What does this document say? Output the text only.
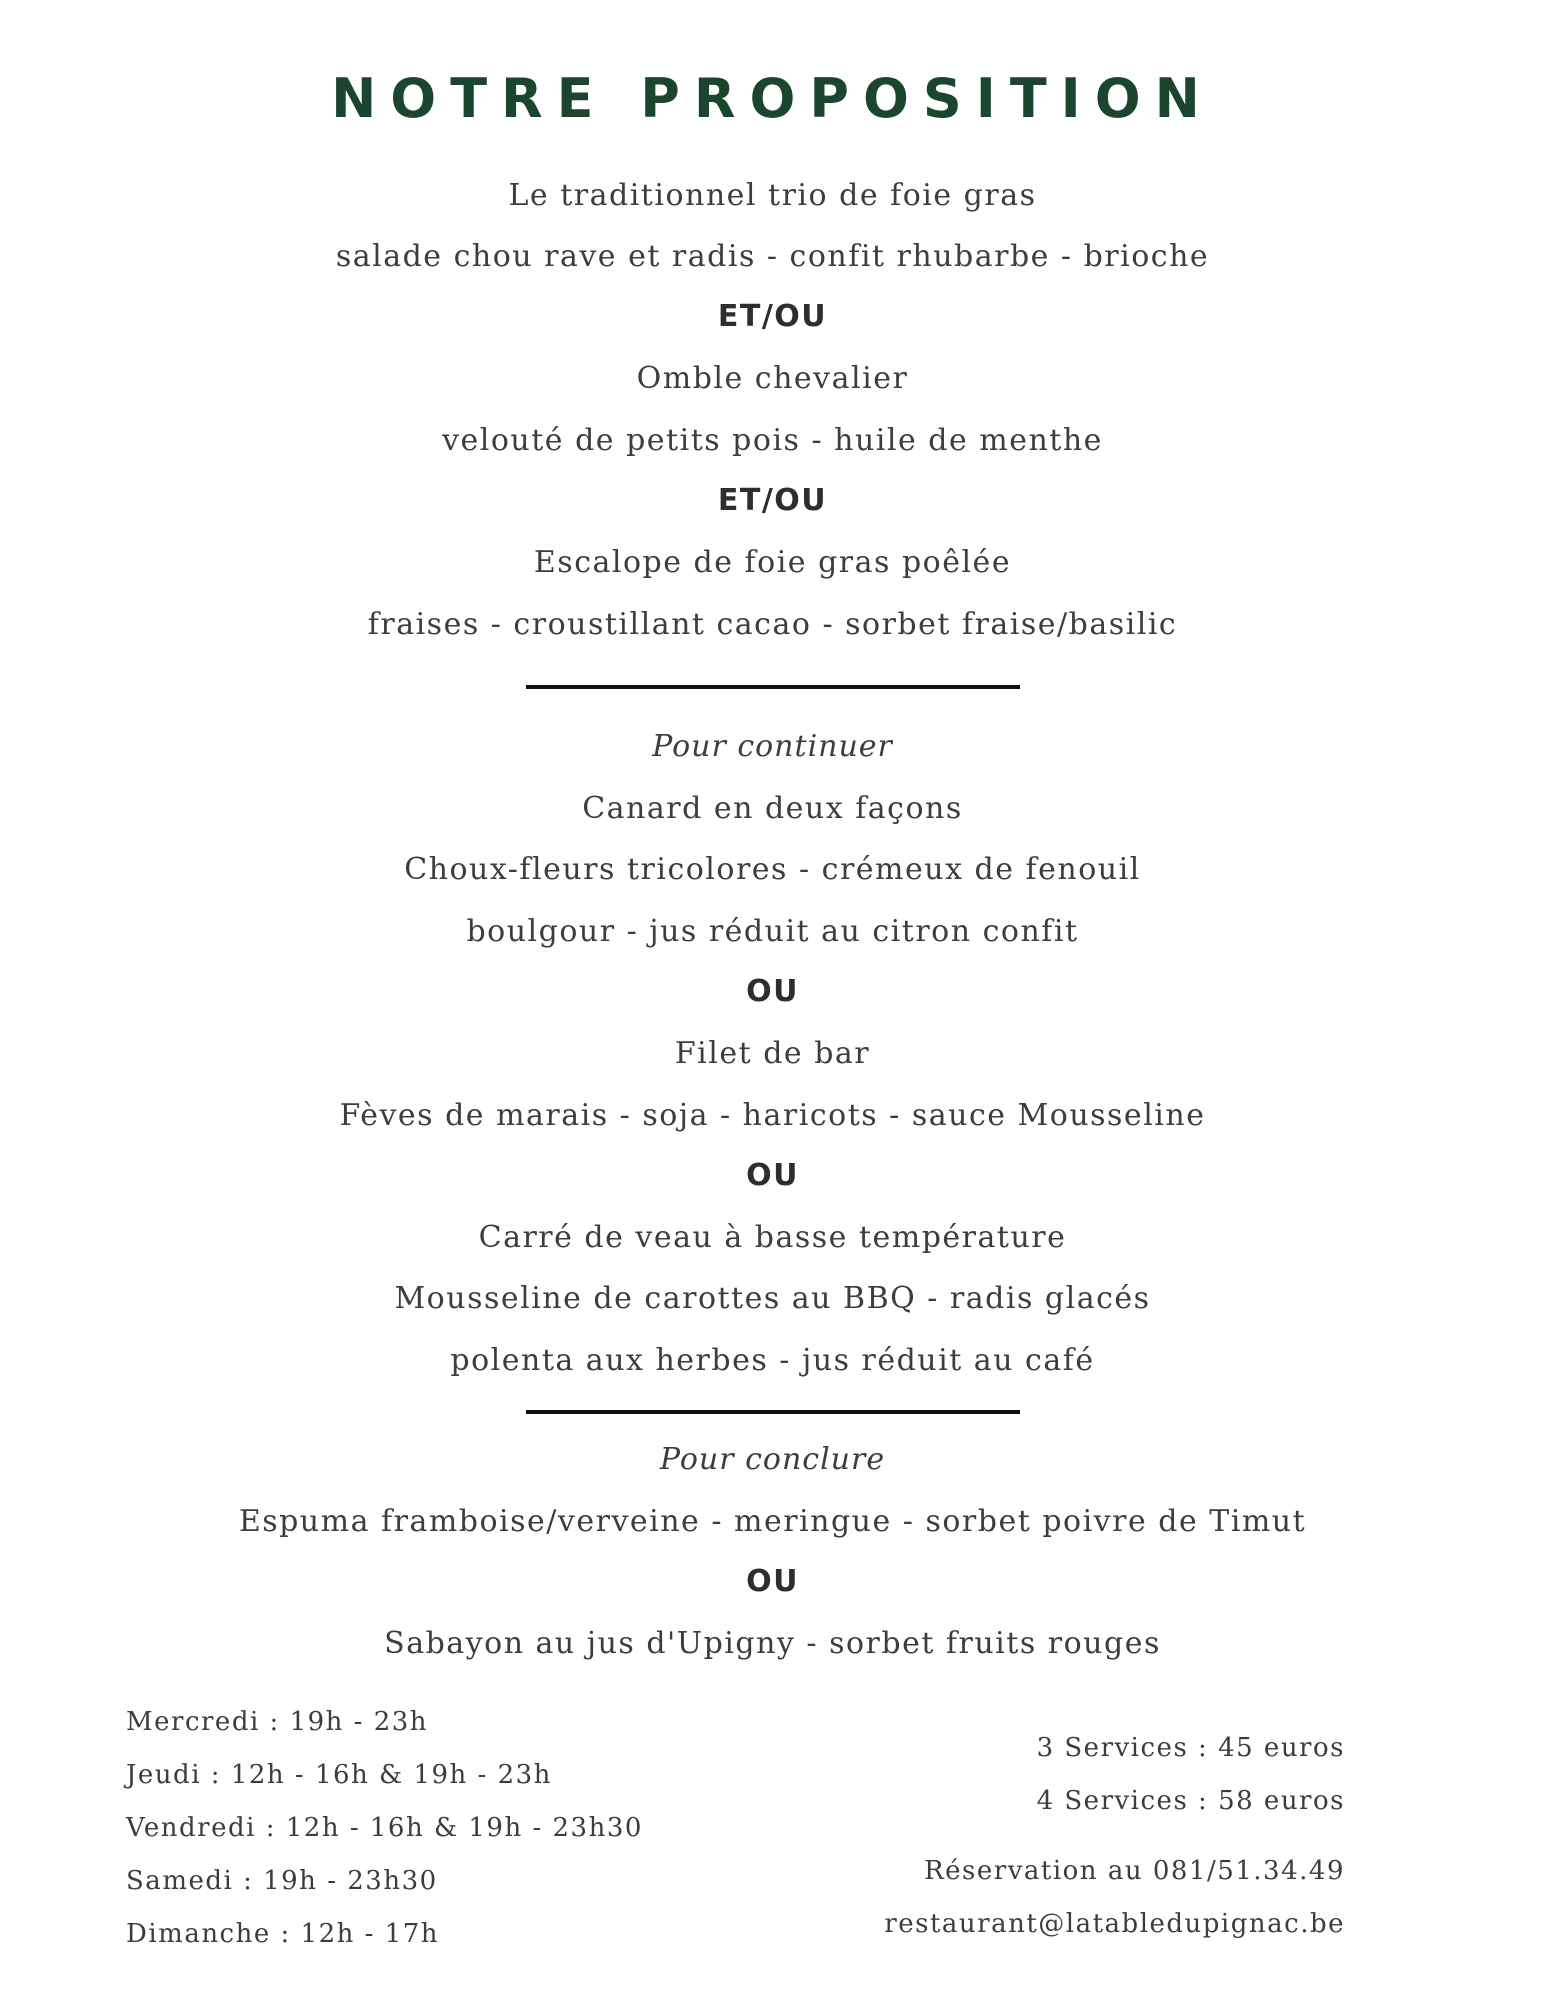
NOTRE PROPOSITION
Le traditionnel trio de foie gras
salade chou rave et radis - confit rhubarbe - brioche
ET/OU
Omble chevalier
velouté de petits pois - huile de menthe
ET/OU
Escalope de foie gras poêlée
fraises - croustillant cacao - sorbet fraise/basilic
Pour continuer
Canard en deux façons
Choux-fleurs tricolores - crémeux de fenouil
boulgour - jus réduit au citron confit
OU
Filet de bar
Fèves de marais - soja - haricots - sauce Mousseline
OU
Carré de veau à basse température
Mousseline de carottes au BBQ - radis glacés
polenta aux herbes - jus réduit au café
Pour conclure
Espuma framboise/verveine - meringue - sorbet poivre de Timut
OU
Sabayon au jus d'Upigny - sorbet fruits rouges
Mercredi : 19h - 23h
Jeudi : 12h - 16h & 19h - 23h
Vendredi : 12h - 16h & 19h - 23h30
Samedi : 19h - 23h30
Dimanche : 12h - 17h
3 Services : 45 euros
4 Services : 58 euros
Réservation au 081/51.34.49
restaurant@latabledupignac.be
